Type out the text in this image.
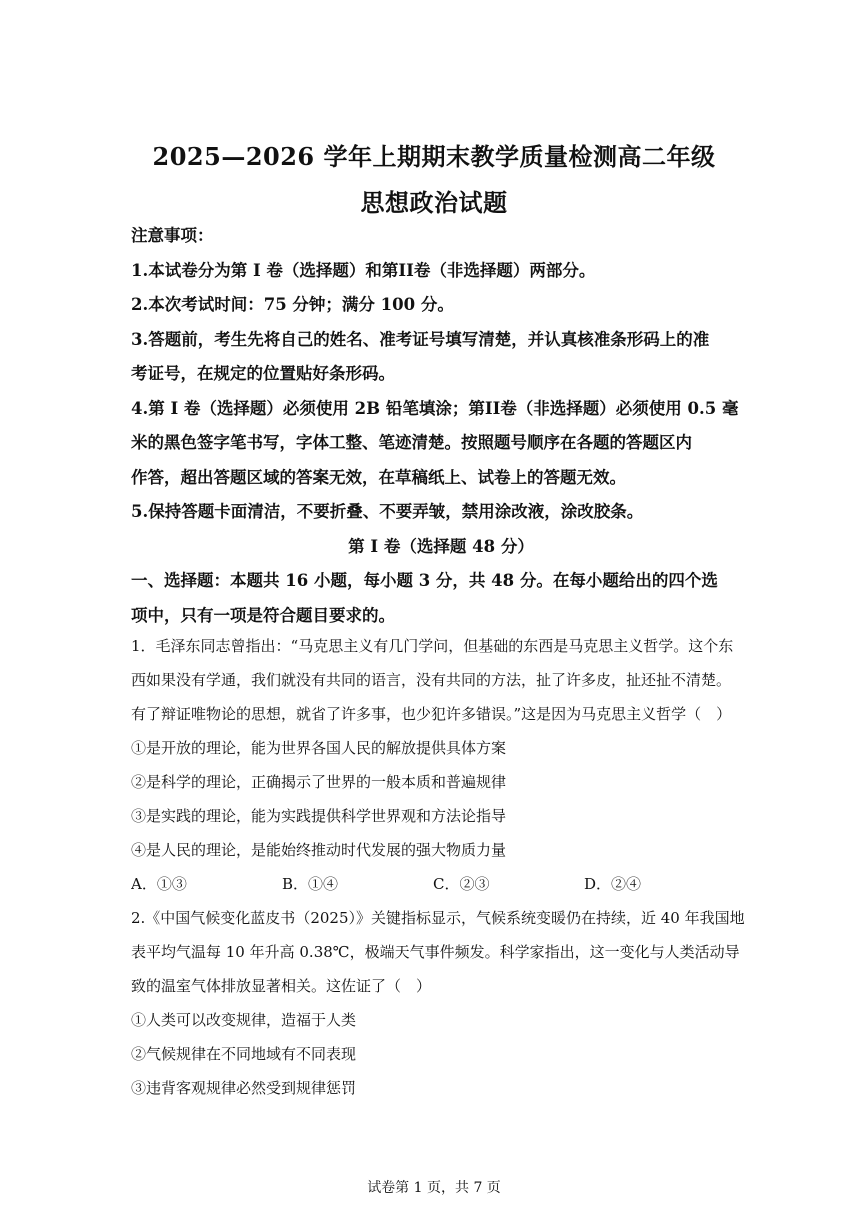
2025—2026 学年上期期末教学质量检测高二年级
思想政治试题
注意事项：
1.本试卷分为第 I 卷（选择题）和第II卷（非选择题）两部分。
2.本次考试时间：75 分钟；满分 100 分。
3.答题前，考生先将自己的姓名、准考证号填写清楚，并认真核准条形码上的准
考证号，在规定的位置贴好条形码。
4.第 I 卷（选择题）必须使用 2B 铅笔填涂；第II卷（非选择题）必须使用 0.5 毫
米的黑色签字笔书写，字体工整、笔迹清楚。按照题号顺序在各题的答题区内
作答，超出答题区域的答案无效，在草稿纸上、试卷上的答题无效。
5.保持答题卡面清洁，不要折叠、不要弄皱，禁用涂改液，涂改胶条。
第 I 卷（选择题 48 分）
一、选择题：本题共 16 小题，每小题 3 分，共 48 分。在每小题给出的四个选
项中，只有一项是符合题目要求的。
1．毛泽东同志曾指出：“马克思主义有几门学问，但基础的东西是马克思主义哲学。这个东
西如果没有学通，我们就没有共同的语言，没有共同的方法，扯了许多皮，扯还扯不清楚。
有了辩证唯物论的思想，就省了许多事，也少犯许多错误。”这是因为马克思主义哲学（　）
①是开放的理论，能为世界各国人民的解放提供具体方案
②是科学的理论，正确揭示了世界的一般本质和普遍规律
③是实践的理论，能为实践提供科学世界观和方法论指导
④是人民的理论，是能始终推动时代发展的强大物质力量
A．①③	B．①④	C．②③	D．②④
2.《中国气候变化蓝皮书（2025）》关键指标显示，气候系统变暖仍在持续，近 40 年我国地
表平均气温每 10 年升高 0.38℃，极端天气事件频发。科学家指出，这一变化与人类活动导
致的温室气体排放显著相关。这佐证了（　）
①人类可以改变规律，造福于人类
②气候规律在不同地域有不同表现
③违背客观规律必然受到规律惩罚
试卷第 1 页，共 7 页
